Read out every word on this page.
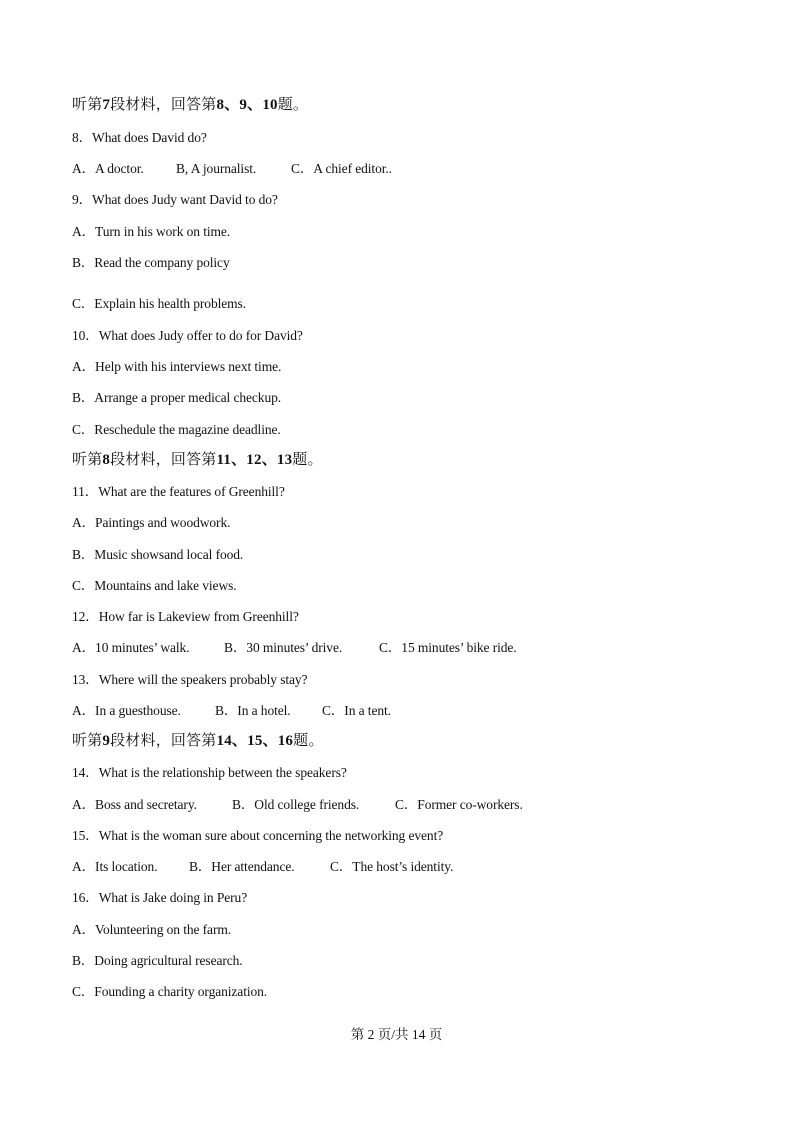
听第7段材料，回答第8、9、10题。
8．What does David do?
A．A doctor. B, A journalist.	C．A chief editor..
9．What does Judy want David to do?
A．Turn in his work on time.
B．Read the company policy
C．Explain his health problems.
10．What does Judy offer to do for David?
A．Help with his interviews next time.
B．Arrange a proper medical checkup.
C．Reschedule the magazine deadline.
听第8段材料，回答第11、12、13题。
11．What are the features of Greenhill?
A．Paintings and woodwork.
B．Music showsand local food.
C．Mountains and lake views.
12．How far is Lakeview from Greenhill?
A．10 minutes’ walk.	B．30 minutes’ drive.	C．15 minutes’ bike ride.
13．Where will the speakers probably stay?
A．In a guesthouse.	B．In a hotel. C．In a tent.
听第9段材料，回答第14、15、16题。
14．What is the relationship between the speakers?
A．Boss and secretary.	B．Old college friends.	C．Former co-workers.
15．What is the woman sure about concerning the networking event?
A．Its location. B．Her attendance.	C．The host’s identity.
16．What is Jake doing in Peru?
A．Volunteering on the farm.
B．Doing agricultural research.
C．Founding a charity organization.
第 2 页/共 14 页
